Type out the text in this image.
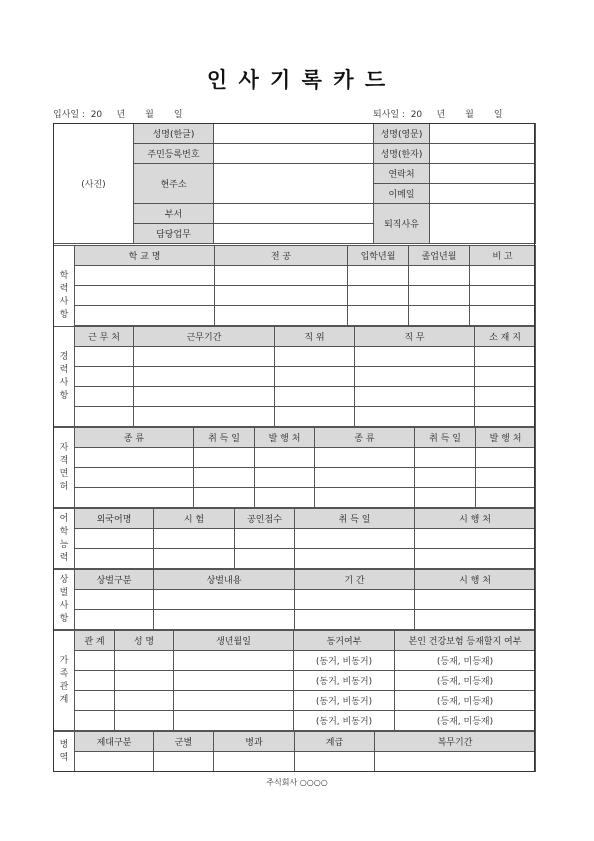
인 사 기 록 카 드
입사일 :  20     년       월       일	퇴사일 :  20     년       월       일
(사진)	성명(한글)		성명(영문)	
	주민등록번호		성명(한자)	
	현주소		연락처	
			이메일	
	부서		퇴직사유	
	담당업무			
학 력 사 항	학 교 명	전 공	입학년월	졸업년월	비 고

경 력 사 항	근 무 처	근무기간	직 위	직 무	소 재 지

자 격 면 허	종 류	취 득 일	발 행 처	종 류	취 득 일	발 행 처

어 학 능 력	외국어명	시 험	공인점수	취 득 일	시 행 처

상 벌 사 항	상벌구분	상벌내용	기 간	시 행 처

가 족 관 계	관 계	성 명	생년월일	동거여부	본인 건강보험 등재할지 여부
				(동거, 비동거)	(등재, 미등재)
				(동거, 비동거)	(등재, 미등재)
				(동거, 비동거)	(등재, 미등재)
				(동거, 비동거)	(등재, 미등재)
병 역	제대구분	군별	병과	계급	복무기간

주식회사 ○○○○
